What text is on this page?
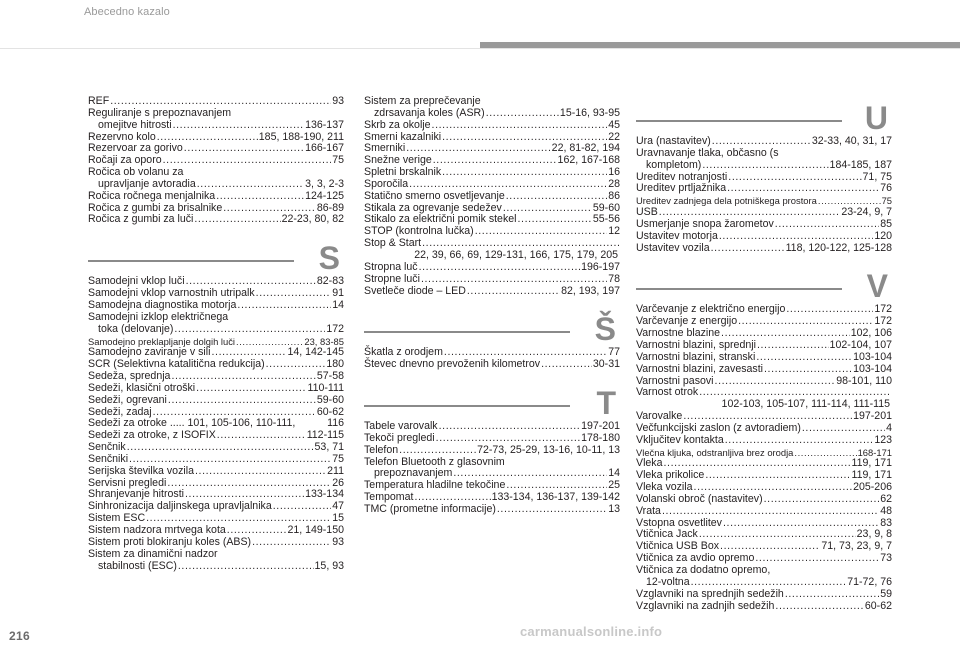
Abecedno kazalo
REF .....	93
Reguliranje s prepoznavanjem
omejitve hitrosti .....	136-137
Rezervno kolo .....	185, 188-190, 211
Rezervoar za gorivo .....	166-167
Ročaji za oporo .....	75
Ročica ob volanu za
upravljanje avtoradia .....	3, 3, 2-3
Ročica ročnega menjalnika .....	124-125
Ročica z gumbi za brisalnike .....	86-89
Ročica z gumbi za luči .....	22-23, 80, 82
S
Samodejni vklop luči .....	82-83
Samodejni vklop varnostnih utripalk .....	91
Samodejna diagnostika motorja .....	14
Samodejni izklop električnega
toka (delovanje) .....	172
Samodejno preklapljanje dolgih luči .....	23, 83-85
Samodejno zaviranje v sili .....	14, 142-145
SCR (Selektivna katalitična redukcija) .....	180
Sedeža, sprednja .....	57-58
Sedeži, klasični otroški .....	110-111
Sedeži, ogrevani .....	59-60
Sedeži, zadaj .....	60-62
Sedeži za otroke ..... 101, 105-106, 110-111,	116
Sedeži za otroke, z ISOFIX .....	112-115
Senčnik .....	53, 71
Senčniki .....	75
Serijska številka vozila .....	211
Servisni pregledi .....	26
Shranjevanje hitrosti .....	133-134
Sinhronizacija daljinskega upravljalnika .....	47
Sistem ESC .....	15
Sistem nadzora mrtvega kota .....	21, 149-150
Sistem proti blokiranju koles (ABS) .....	93
Sistem za dinamični nadzor
stabilnosti (ESC) .....	15, 93
Sistem za preprečevanje
zdrsavanja koles (ASR) .....	15-16, 93-95
Skrb za okolje .....	45
Smerni kazalniki .....	22
Smerniki .....	22, 81-82, 194
Snežne verige .....	162, 167-168
Spletni brskalnik .....	16
Sporočila .....	28
Statično smerno osvetljevanje .....	86
Stikala za ogrevanje sedežev .....	59-60
Stikalo za električni pomik stekel .....	55-56
STOP (kontrolna lučka) .....	12
Stop & Start
.....
22, 39, 66, 69, 129-131, 166, 175, 179, 205
Stropna luč .....	196-197
Stropne luči .....	78
Svetleče diode – LED .....	82, 193, 197
Š
Škatla z orodjem .....	77
Števec dnevno prevoženih kilometrov .....	30-31
T
Tabele varovalk .....	197-201
Tekoči pregledi .....	178-180
Telefon .....	72-73, 25-29, 13-16, 10-11, 13
Telefon Bluetooth z glasovnim
prepoznavanjem .....	14
Temperatura hladilne tekočine .....	25
Tempomat .....	133-134, 136-137, 139-142
TMC (prometne informacije) .....	13
U
Ura (nastavitev) .....	32-33, 40, 31, 17
Uravnavanje tlaka, občasno (s
kompletom) .....	184-185, 187
Ureditev notranjosti .....	71, 75
Ureditev prtljažnika .....	76
Ureditev zadnjega dela potniškega prostora .....	75
USB .....	23-24, 9, 7
Usmerjanje snopa žarometov .....	85
Ustavitev motorja .....	120
Ustavitev vozila .....	118, 120-122, 125-128
V
Varčevanje z električno energijo .....	172
Varčevanje z energijo .....	172
Varnostne blazine .....	102, 106
Varnostni blazini, sprednji .....	102-104, 107
Varnostni blazini, stranski .....	103-104
Varnostni blazini, zavesasti .....	103-104
Varnostni pasovi .....	98-101, 110
Varnost otrok
.....
102-103, 105-107, 111-114, 111-115
Varovalke .....	197-201
Večfunkcijski zaslon (z avtoradiem) .....	4
Vključitev kontakta .....	123
Vlečna kljuka, odstranljiva brez orodja .....	168-171
Vleka .....	119, 171
Vleka prikolice .....	119, 171
Vleka vozila .....	205-206
Volanski obroč (nastavitev) .....	62
Vrata .....	48
Vstopna osvetlitev .....	83
Vtičnica Jack .....	23, 9, 8
Vtičnica USB Box .....	71, 73, 23, 9, 7
Vtičnica za avdio opremo .....	73
Vtičnica za dodatno opremo,
12-voltna .....	71-72, 76
Vzglavniki na sprednjih sedežih .....	59
Vzglavniki na zadnjih sedežih .....	60-62
216	carmanualsonline.info
